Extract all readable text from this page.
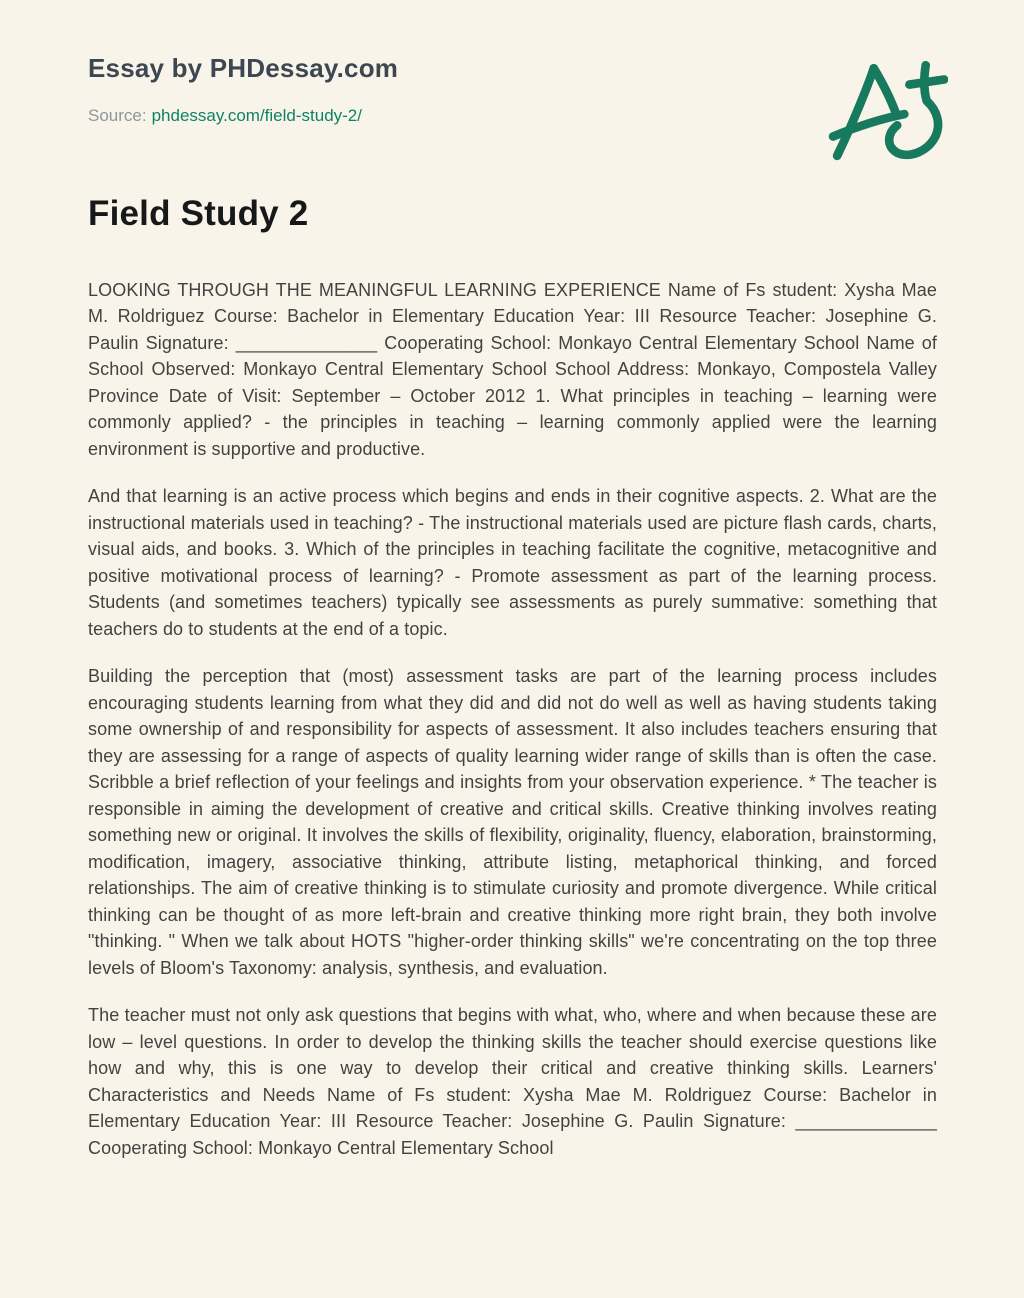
Essay by PHDessay.com
Source: phdessay.com/field-study-2/
Field Study 2

LOOKING THROUGH THE MEANINGFUL LEARNING EXPERIENCE Name of Fs student: Xysha Mae M. Roldriguez Course: Bachelor in Elementary Education Year: III Resource Teacher: Josephine G. Paulin Signature: ______________ Cooperating School: Monkayo Central Elementary School Name of School Observed: Monkayo Central Elementary School School Address: Monkayo, Compostela Valley Province Date of Visit: September – October 2012 1. What principles in teaching – learning were commonly applied? - the principles in teaching – learning commonly applied were the learning environment is supportive and productive.

And that learning is an active process which begins and ends in their cognitive aspects. 2. What are the instructional materials used in teaching? - The instructional materials used are picture flash cards, charts, visual aids, and books. 3. Which of the principles in teaching facilitate the cognitive, metacognitive and positive motivational process of learning? - Promote assessment as part of the learning process. Students (and sometimes teachers) typically see assessments as purely summative: something that teachers do to students at the end of a topic.

Building the perception that (most) assessment tasks are part of the learning process includes encouraging students learning from what they did and did not do well as well as having students taking some ownership of and responsibility for aspects of assessment. It also includes teachers ensuring that they are assessing for a range of aspects of quality learning wider range of skills than is often the case. Scribble a brief reflection of your feelings and insights from your observation experience. * The teacher is responsible in aiming the development of creative and critical skills. Creative thinking involves reating something new or original. It involves the skills of flexibility, originality, fluency, elaboration, brainstorming, modification, imagery, associative thinking, attribute listing, metaphorical thinking, and forced relationships. The aim of creative thinking is to stimulate curiosity and promote divergence. While critical thinking can be thought of as more left-brain and creative thinking more right brain, they both involve "thinking. " When we talk about HOTS "higher-order thinking skills" we're concentrating on the top three levels of Bloom's Taxonomy: analysis, synthesis, and evaluation.

The teacher must not only ask questions that begins with what, who, where and when because these are low – level questions. In order to develop the thinking skills the teacher should exercise questions like how and why, this is one way to develop their critical and creative thinking skills. Learners' Characteristics and Needs Name of Fs student: Xysha Mae M. Roldriguez Course: Bachelor in Elementary Education Year: III Resource Teacher: Josephine G. Paulin Signature: ______________ Cooperating School: Monkayo Central Elementary School
